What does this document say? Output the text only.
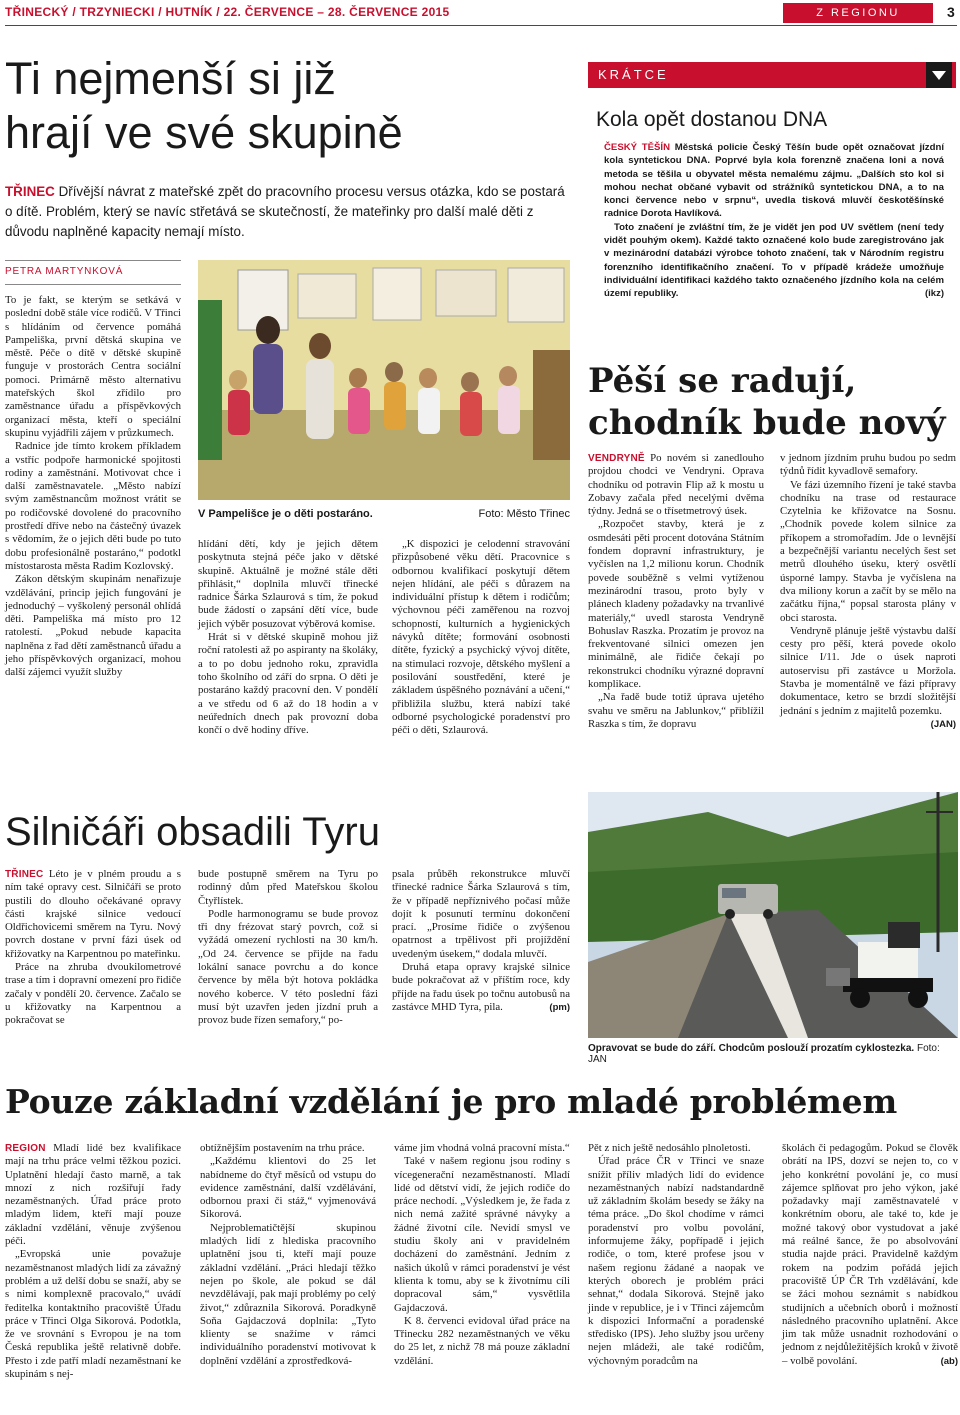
TŘINECKÝ / TRZYNIECKI / HUTNÍK / 22. ČERVENCE – 28. ČERVENCE 2015	Z REGIONU	3
Ti nejmenší si již
hrají ve své skupině
TŘINEC Dřívější návrat z mateřské zpět do pracovního procesu versus otázka, kdo se postará o dítě. Problém, který se navíc střetává se skutečností, že mateřinky pro další malé děti z důvodu naplněné kapacity nemají místo.
PETRA MARTYNKOVÁ

To je fakt, se kterým se setkává v poslední době stále více rodičů. V Třinci s hlídáním od července pomáhá Pampeliška, první dětská skupina ve městě. Péče o dítě v dětské skupině funguje v prostorách Centra sociální pomoci. Primárně město alternativu mateřských škol zřídilo pro zaměstnance úřadu a příspěvkových organizací města, kteří o speciální skupinu vyjádřili zájem v průzkumech.

Radnice jde tímto krokem příkladem a vstříc podpoře harmonické spojitosti rodiny a zaměstnání. Motivovat chce i další zaměstnavatele. „Město nabízí svým zaměstnancům možnost vrátit se po rodičovské dovolené do pracovního prostředí dříve nebo na částečný úvazek s vědomím, že o jejich děti bude po tuto dobu profesionálně postaráno,“ podotkl místostarosta města Radim Kozlovský.

Zákon dětským skupinám nenařizuje vzdělávání, princip jejich fungování je jednoduchý – vyškolený personál ohlídá děti. Pampeliška má místo pro 12 ratolestí. „Pokud nebude kapacita naplněna z řad dětí zaměstnanců úřadu a jeho příspěvkových organizací, mohou další zájemci využít služby

V Pampelišce je o děti postaráno.	Foto: Město Třinec

hlídání dětí, kdy je jejich dětem poskytnuta stejná péče jako v dětské skupině. Aktuálně je možné stále děti přihlásit,“ doplnila mluvčí třinecké radnice Šárka Szlaurová s tím, že pokud bude žádostí o zapsání dětí více, bude jejich výběr posuzovat výběrová komise.

Hrát si v dětské skupině mohou již roční ratolesti až po aspiranty na školáky, a to po dobu jednoho roku, zpravidla toho školního od září do srpna. O děti je postaráno každý pracovní den. V pondělí a ve středu od 6 až do 18 hodin a v neúředních dnech pak provozní doba končí o dvě hodiny dříve.

„K dispozici je celodenní stravování přizpůsobené věku dětí. Pracovnice s odbornou kvalifikací poskytují dětem nejen hlídání, ale péči s důrazem na individuální přístup k dětem i rodičům; výchovnou péči zaměřenou na rozvoj schopností, kulturních a hygienických návyků dítěte; formování osobnosti dítěte, fyzický a psychický vývoj dítěte, na stimulaci rozvoje, dětského myšlení a posilování soustředění, které je základem úspěšného poznávání a učení,“ přibližila službu, která nabízí také odborné psychologické poradenství pro péči o děti, Szlaurová.

KRÁTCE
Kola opět dostanou DNA

ČESKÝ TĚŠÍN Městská policie Český Těšín bude opět označovat jízdní kola syntetickou DNA. Poprvé byla kola forenzně značena loni a nová metoda se těšila u obyvatel města nemalému zájmu. „Dalších sto kol si mohou nechat občané vybavit od strážníků syntetickou DNA, a to na konci července nebo v srpnu“, uvedla tisková mluvčí českotěšínské radnice Dorota Havlíková.

Toto značení je zvláštní tím, že je vidět jen pod UV světlem (není tedy vidět pouhým okem). Každé takto označené kolo bude zaregistrováno jak v mezinárodní databázi výrobce tohoto značení, tak v Národním registru forenzního identifikačního značení. To v případě krádeže umožňuje individuální identifikaci každého takto označeného jízdního kola na celém území republiky.	(ikz)

Pěší se radují,
chodník bude nový

VENDRYNĚ Po novém si zanedlouho projdou chodci ve Vendryni. Oprava chodníku od potravin Flip až k mostu u Zobavy začala před necelými dvěma týdny. Jedná se o třísetmetrový úsek.

„Rozpočet stavby, která je z osmdesáti pěti procent dotována Státním fondem dopravní infrastruktury, je vyčíslen na 1,2 milionu korun. Chodník povede souběžně s velmi vytíženou mezinárodní trasou, proto byly v plánech kladeny požadavky na trvanlivé materiály,“ uvedl starosta Vendryně Bohuslav Raszka. Prozatím je provoz na frekventované silnici omezen jen minimálně, ale řidiče čekají po rekonstrukci chodníku výrazné dopravní komplikace.

„Na řadě bude totiž úprava ujetého svahu ve směru na Jablunkov,“ přiblížil Raszka s tím, že dopravu

v jednom jízdním pruhu budou po sedm týdnů řídit kyvadlově semafory.

Ve fázi územního řízení je také stavba chodníku na trase od restaurace Czytelnia ke křižovatce na Sosnu. „Chodník povede kolem silnice za příkopem a stromořadím. Jde o levnější a bezpečnější variantu necelých šest set metrů dlouhého úseku, který osvětlí úsporné lampy. Stavba je vyčíslena na dva miliony korun a začít by se mělo na začátku října,“ popsal starosta plány v obci starosta.

Vendryně plánuje ještě výstavbu další cesty pro pěší, která povede okolo silnice I/11. Jde o úsek naproti autoservisu při zastávce u Moržola. Stavba je momentálně ve fázi přípravy dokumentace, ketro se brzdí složitější jednání s jedním z majitelů pozemku.
(JAN)

Silničáři obsadili Tyru

TŘINEC Léto je v plném proudu a s ním také opravy cest. Silničáři se proto pustili do dlouho očekávané opravy části krajské silnice vedoucí Oldřichovicemi směrem na Tyru. Nový povrch dostane v první fázi úsek od křižovatky na Karpentnou po mateřinku.

Práce na zhruba dvoukilometrové trase a tím i dopravní omezení pro řidiče začaly v pondělí 20. července. Začalo se u křižovatky na Karpentnou a pokračovat se

bude postupně směrem na Tyru po rodinný dům před Mateřskou školou Čtyřlístek.

Podle harmonogramu se bude provoz tři dny frézovat starý povrch, což si vyžádá omezení rychlosti na 30 km/h. „Od 24. července se přijde na řadu lokální sanace povrchu a do konce července by měla být hotova pokládka nového koberce. V této poslední fázi musí být uzavřen jeden jízdní pruh a provoz bude řízen semafory,“ po-

psala průběh rekonstrukce mluvčí třinecké radnice Šárka Szlaurová s tím, že v případě nepříznivého počasí může dojít k posunutí termínu dokončení prací. „Prosíme řidiče o zvýšenou opatrnost a trpělivost při projíždění uvedeným úsekem,“ dodala mluvčí.

Druhá etapa opravy krajské silnice bude pokračovat až v příštím roce, kdy příjde na řadu úsek po točnu autobusů na zastávce MHD Tyra, pila.	(pm)

Opravovat se bude do září. Chodcům poslouží prozatím cyklostezka. Foto: JAN
Pouze základní vzdělání je pro mladé problémem

REGION Mladí lidé bez kvalifikace mají na trhu práce velmi těžkou pozici. Uplatnění hledají často marně, a tak mnozí z nich rozšiřují řady nezaměstnaných. Úřad práce proto mladým lidem, kteří mají pouze základní vzdělání, věnuje zvýšenou péči.

„Evropská unie považuje nezaměstnanost mladých lidí za závažný problém a už delší dobu se snaží, aby se s nimi komplexně pracovalo,“ uvádí ředitelka kontaktního pracoviště Úřadu práce v Třinci Olga Sikorová. Podotkla, že ve srovnání s Evropou je na tom Česká republika ještě relativně dobře. Přesto i zde patří mladí nezaměstnaní ke skupinám s nej-

obtížnějším postavením na trhu práce.

„Každému klientovi do 25 let nabídneme do čtyř měsíců od vstupu do evidence zaměstnání, další vzdělávání, odbornou praxi či stáž,“ vyjmenovává Sikorová.

Nejproblematičtější skupinou mladých lidí z hlediska pracovního uplatnění jsou ti, kteří mají pouze základní vzdělání. „Práci hledají těžko nejen po škole, ale pokud se dál nevzdělávají, pak mají problémy po celý život,“ zdůraznila Sikorová. Poradkyně Soňa Gajdaczová doplnila: „Tyto klienty se snažíme v rámci individuálního poradenství motivovat k doplnění vzdělání a zprostředková-

váme jim vhodná volná pracovní místa.“

Také v našem regionu jsou rodiny s vícegenerační nezaměstnaností. Mladí lidé od dětství vidí, že jejich rodiče do práce nechodí. „Výsledkem je, že řada z nich nemá zažité správné návyky a žádné životní cíle. Nevidí smysl ve studiu školy ani v pravidelném docházení do zaměstnání. Jedním z našich úkolů v rámci poradenství je vést klienta k tomu, aby se k životnímu cíli dopracoval sám,“ vysvětlila Gajdaczová.

K 8. červenci evidoval úřad práce na Třinecku 282 nezaměstnaných ve věku do 25 let, z nichž 78 má pouze základní vzdělání.

Pět z nich ještě nedosáhlo plnoletosti.

Úřad práce ČR v Třinci ve snaze snížit příliv mladých lidí do evidence nezaměstnaných nabízí nadstandardně už základním školám besedy se žáky na téma práce. „Do škol chodíme v rámci poradenství pro volbu povolání, informujeme žáky, popřípadě i jejich rodiče, o tom, které profese jsou v našem regionu žádané a naopak ve kterých oborech je problém práci sehnat,“ dodala Sikorová. Stejně jako jinde v republice, je i v Třinci zájemcům k dispozici Informační a poradenské středisko (IPS). Jeho služby jsou určeny nejen mládeži, ale také rodičům, výchovným poradcům na

školách či pedagogům. Pokud se člověk obrátí na IPS, dozví se nejen to, co v jeho konkrétní povolání je, co musí zájemce splňovat pro jeho výkon, jaké požadavky mají zaměstnavatelé v konkrétním oboru, ale také to, kde je možné takový obor vystudovat a jaké má reálné šance, že po absolvování studia najde práci. Pravidelně každým rokem na podzim pořádá jejich pracoviště ÚP ČR Trh vzdělávání, kde se žáci mohou seznámit s nabídkou studijních a učebních oborů i možností následného pracovního uplatnění. Akce jim tak může usnadnit rozhodování o jednom z nejdůležitějších kroků v životě – volbě povolání.	(ab)
